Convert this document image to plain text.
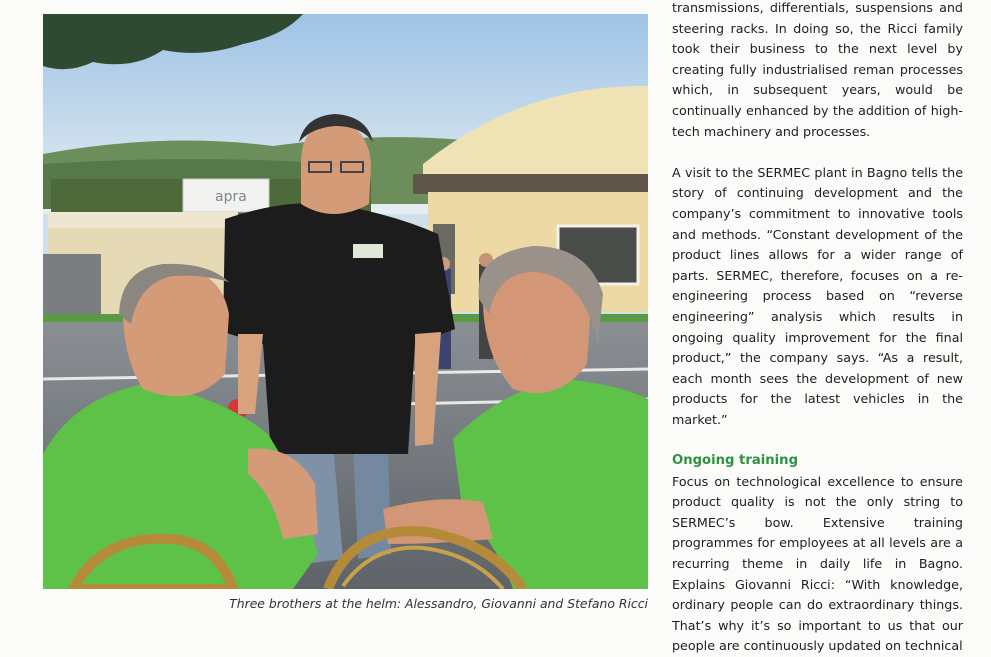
apra
Three brothers at the helm: Alessandro, Giovanni and Stefano Ricci

transmissions, differentials, suspensions and steering racks. In doing so, the Ricci family took their business to the next level by creating fully industrialised reman processes which, in subsequent years, would be continually enhanced by the addition of high-tech machinery and processes.

A visit to the SERMEC plant in Bagno tells the story of continuing development and the company’s commitment to innovative tools and methods. “Constant development of the product lines allows for a wider range of parts. SERMEC, therefore, focuses on a re-engineering process based on “reverse engineering” analysis which results in ongoing quality improvement for the final product,” the company says. “As a result, each month sees the development of new products for the latest vehicles in the market.”

Ongoing training

Focus on technological excellence to ensure product quality is not the only string to SERMEC’s bow. Extensive training programmes for employees at all levels are a recurring theme in daily life in Bagno. Explains Giovanni Ricci: “With knowledge, ordinary people can do extraordinary things. That’s why it’s so important to us that our people are continuously updated on technical
